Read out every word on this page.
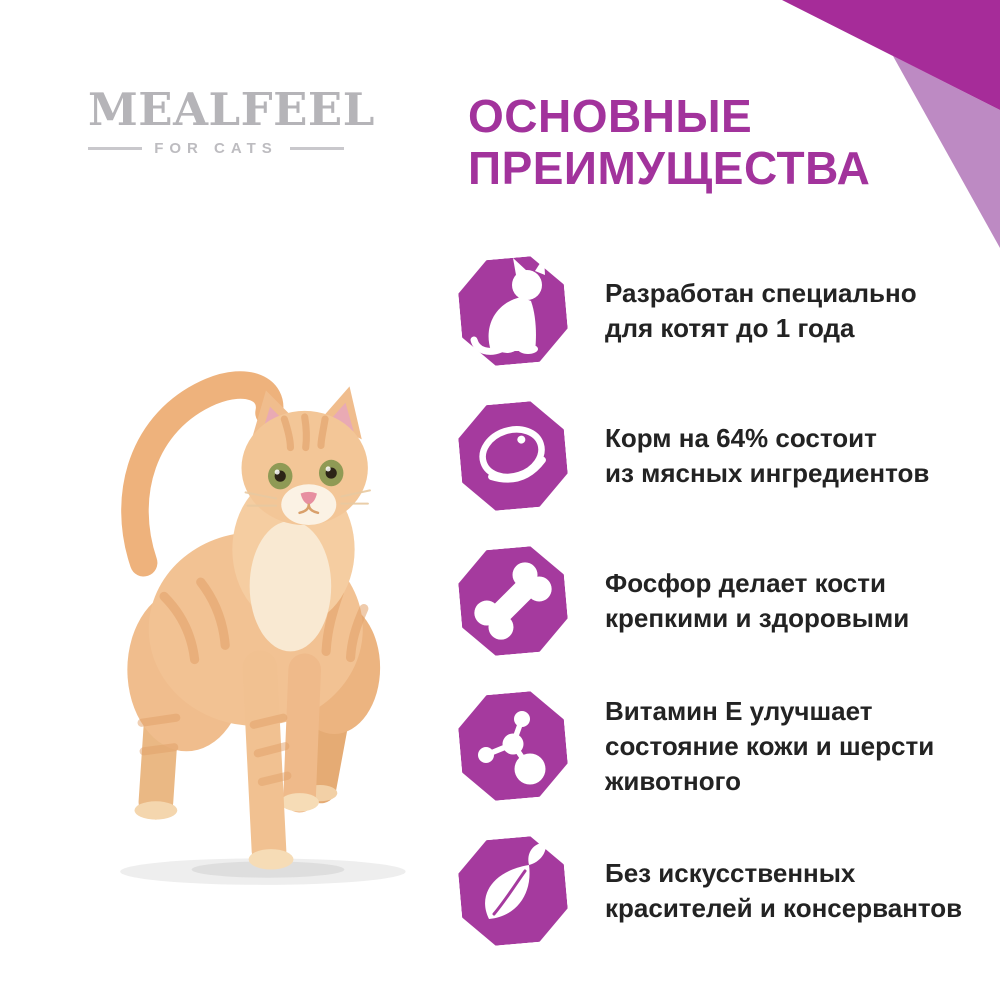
MEALFEEL
FOR CATS
ОСНОВНЫЕ
ПРЕИМУЩЕСТВА
Разработан специально
для котят до 1 года
Корм на 64% состоит
из мясных ингредиентов
Фосфор делает кости
крепкими и здоровыми
Витамин Е улучшает
состояние кожи и шерсти
животного
Без искусственных
красителей и консервантов
